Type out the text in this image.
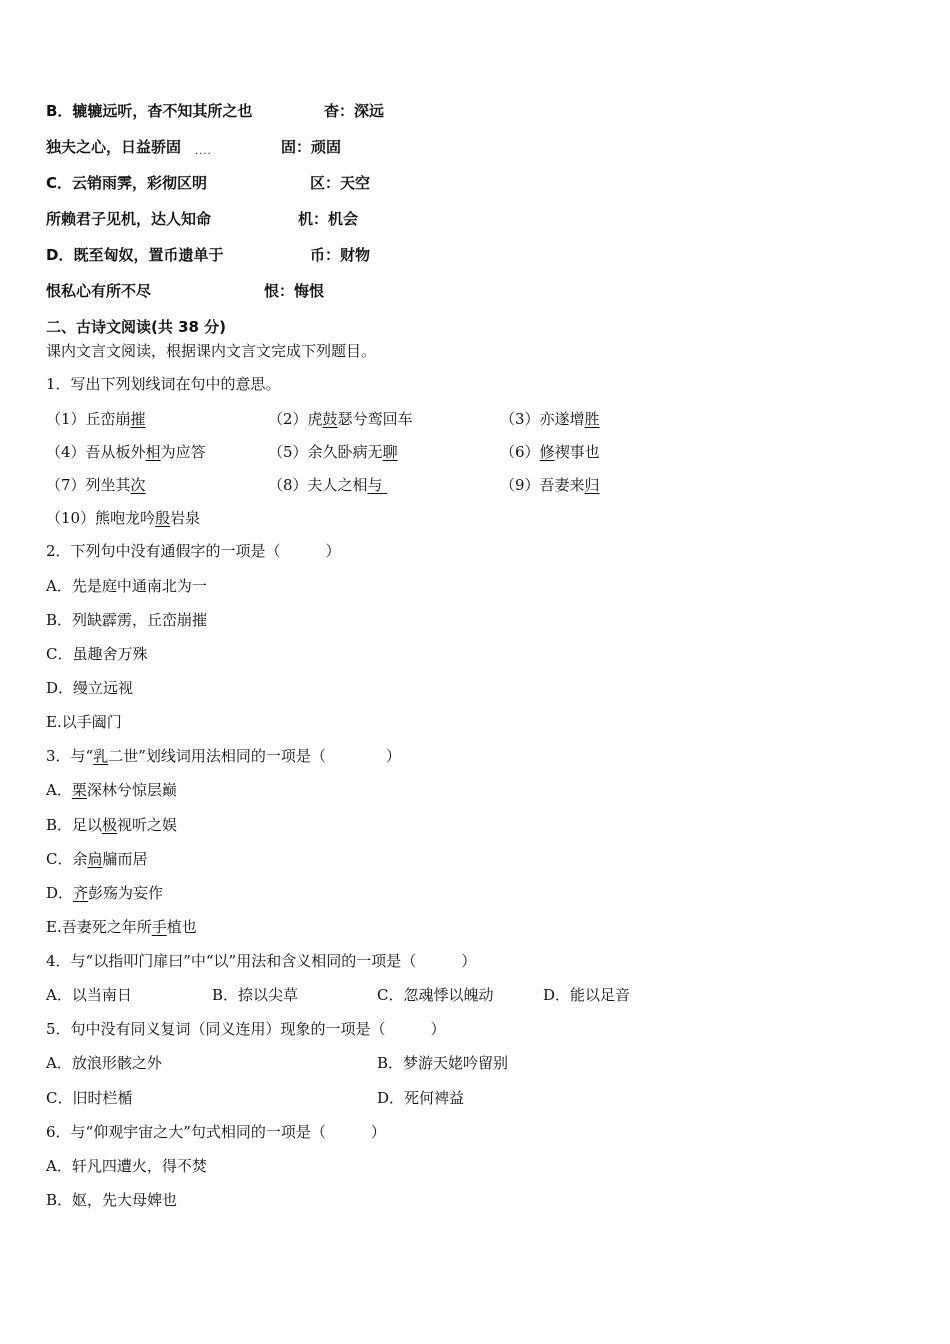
B．辘辘远听，杳不知其所之也	杳：深远
独夫之心，日益骄固	固：顽固
....
C．云销雨霁，彩彻区明	区：天空
所赖君子见机，达人知命	机：机会
D．既至匈奴，置币遗单于	币：财物
恨私心有所不尽	恨：悔恨
二、古诗文阅读(共 38 分)
课内文言文阅读，根据课内文言文完成下列题目。
1．写出下列划线词在句中的意思。
（1）丘峦崩摧	（2）虎鼓瑟兮鸾回车	（3）亦遂增胜
（4）吾从板外相为应答	（5）余久卧病无聊	（6）修禊事也
（7）列坐其次	（8）夫人之相与	（9）吾妻来归
（10）熊咆龙吟殷岩泉
2．下列句中没有通假字的一项是（　　　）
A．先是庭中通南北为一
B．列缺霹雳，丘峦崩摧
C．虽趣舍万殊
D．缦立远视
E.以手阖门
3．与“乳二世”划线词用法相同的一项是（　　　　）
A．栗深林兮惊层巅
B．足以极视听之娱
C．余扃牖而居
D．齐彭殇为妄作
E.吾妻死之年所手植也
4．与“以指叩门扉曰”中“以”用法和含义相同的一项是（　　　）
A．以当南日	B．捺以尖草	C．忽魂悸以魄动	D．能以足音
5．句中没有同义复词（同义连用）现象的一项是（　　　）
A．放浪形骸之外	B．梦游天姥吟留别
C．旧时栏楯	D．死何裨益
6．与“仰观宇宙之大”句式相同的一项是（　　　）
A．轩凡四遭火，得不焚
B．妪，先大母婢也
